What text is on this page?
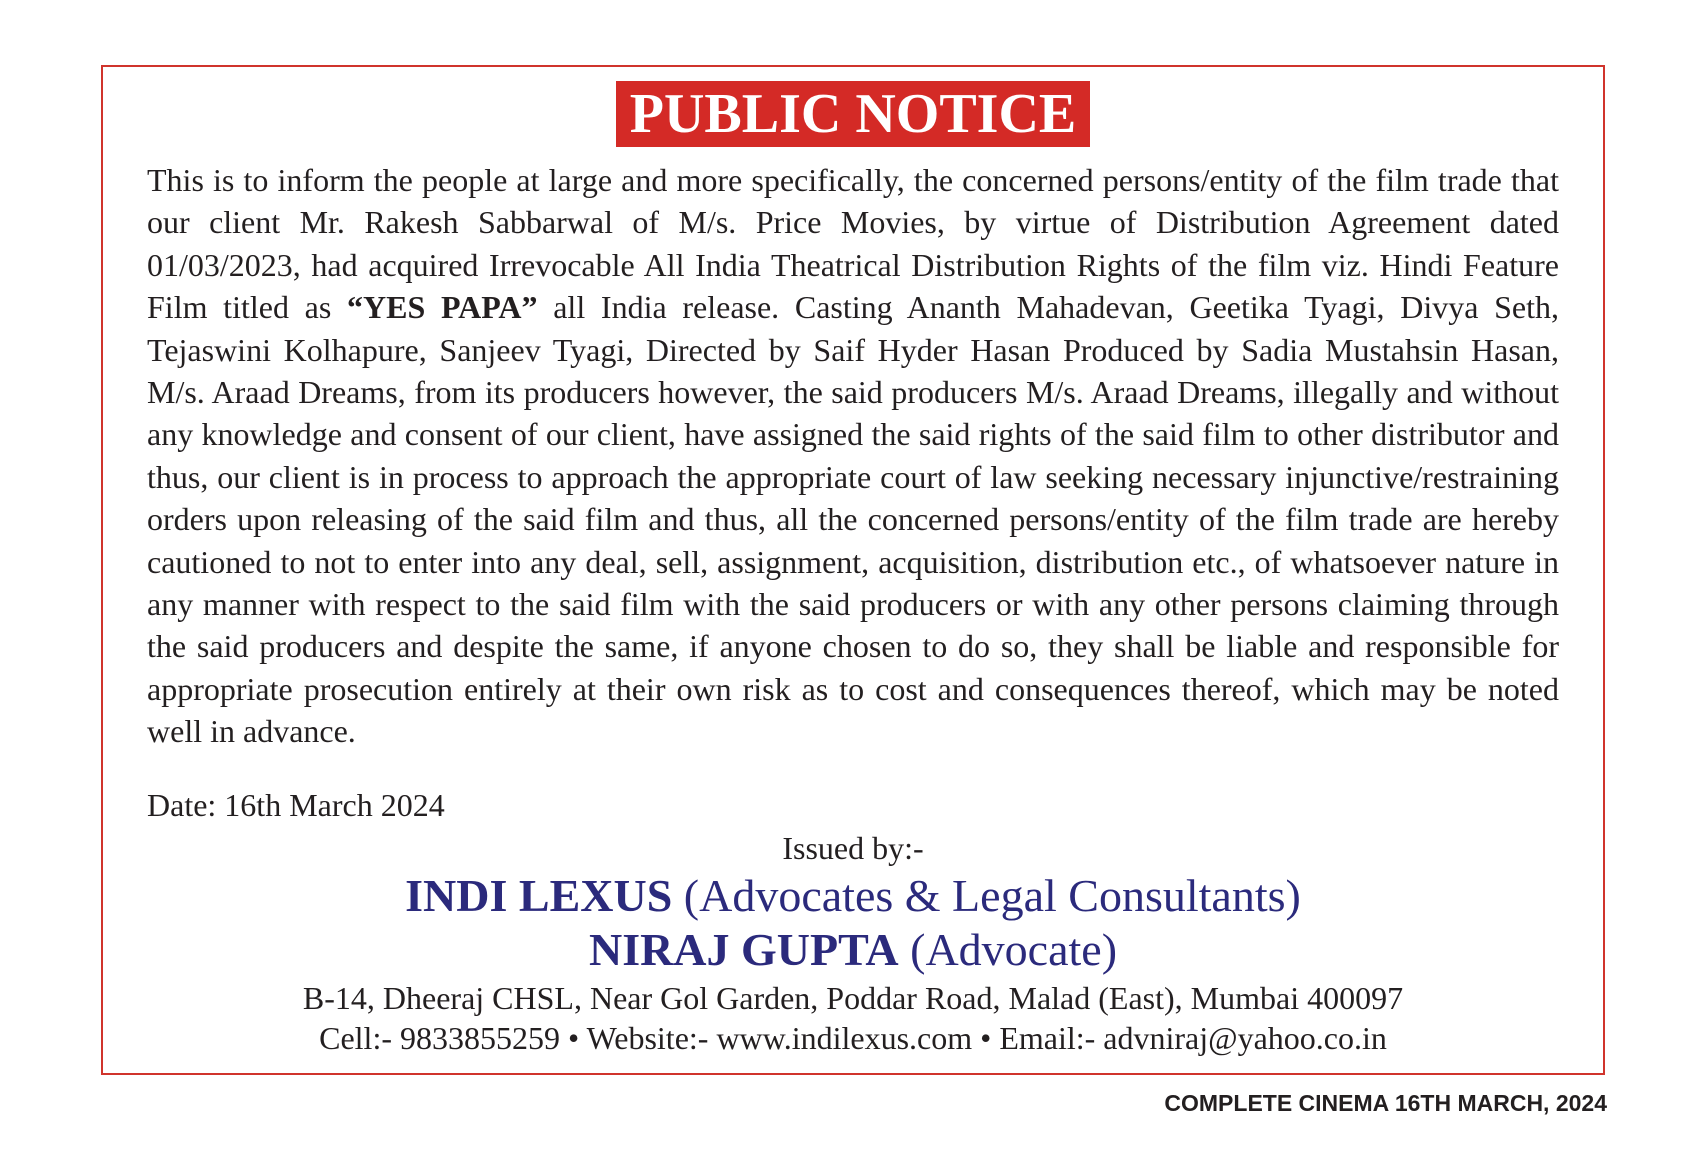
PUBLIC NOTICE

This is to inform the people at large and more specifically, the concerned persons/entity of the film trade that our client Mr. Rakesh Sabbarwal of M/s. Price Movies, by virtue of Distribution Agreement dated 01/03/2023, had acquired Irrevocable All India Theatrical Distribution Rights of the film viz. Hindi Feature Film titled as “YES PAPA” all India release. Casting Ananth Mahadevan, Geetika Tyagi, Divya Seth, Tejaswini Kolhapure, Sanjeev Tyagi, Directed by Saif Hyder Hasan Produced by Sadia Mustahsin Hasan, M/s. Araad Dreams, from its producers however, the said producers M/s. Araad Dreams, illegally and without any knowledge and consent of our client, have assigned the said rights of the said film to other distributor and thus, our client is in process to approach the appropriate court of law seeking necessary injunctive/restraining orders upon releasing of the said film and thus, all the concerned persons/entity of the film trade are hereby cautioned to not to enter into any deal, sell, assignment, acquisition, distribution etc., of whatsoever nature in any manner with respect to the said film with the said producers or with any other persons claiming through the said producers and despite the same, if anyone chosen to do so, they shall be liable and responsible for appropriate prosecution entirely at their own risk as to cost and consequences thereof, which may be noted well in advance.

Date: 16th March 2024
Issued by:-
INDI LEXUS (Advocates & Legal Consultants)
NIRAJ GUPTA (Advocate)
B-14, Dheeraj CHSL, Near Gol Garden, Poddar Road, Malad (East), Mumbai 400097
Cell:- 9833855259 • Website:- www.indilexus.com • Email:- advniraj@yahoo.co.in
COMPLETE CINEMA 16TH MARCH, 2024
